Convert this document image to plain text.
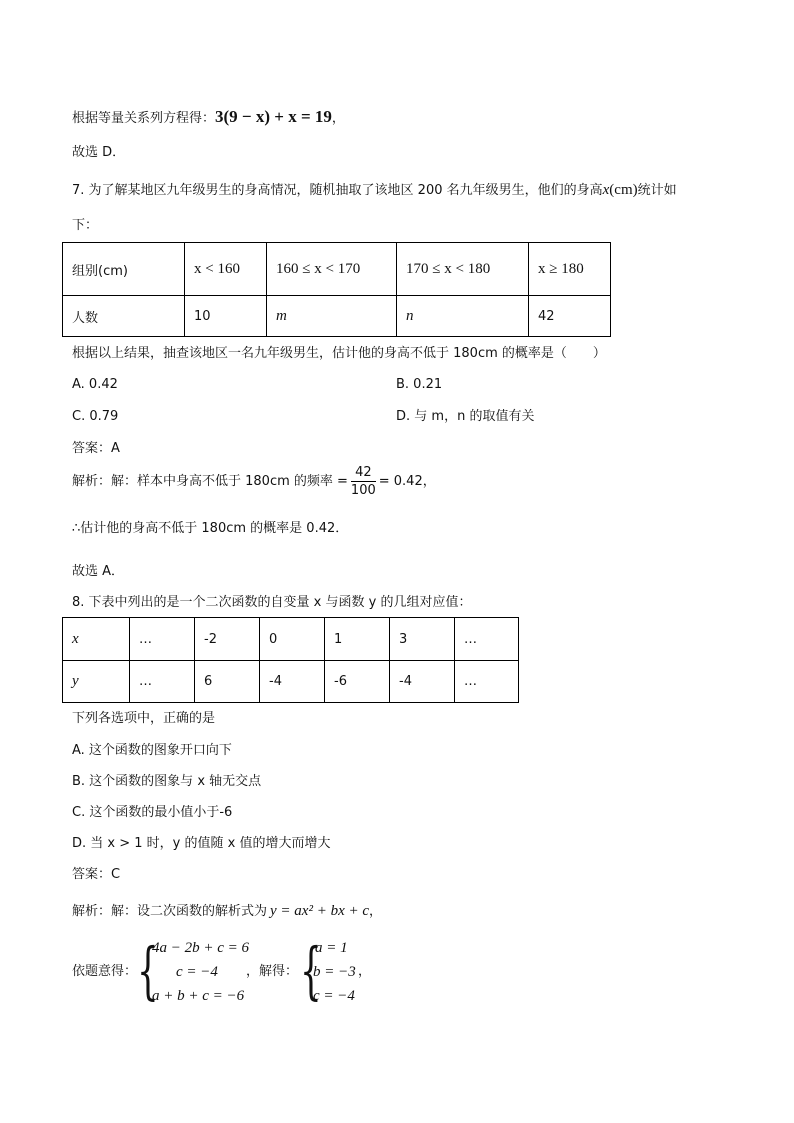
根据等量关系列方程得：3(9 − x) + x = 19，
故选 D．
7. 为了解某地区九年级男生的身高情况，随机抽取了该地区 200 名九年级男生，他们的身高x(cm)统计如
下：
组别(cm)	x < 160	160 ≤ x < 170	170 ≤ x < 180	x ≥ 180
人数	10	m	n	42
根据以上结果，抽查该地区一名九年级男生，估计他的身高不低于 180cm 的概率是（　　）
A. 0.42	B. 0.21
C. 0.79	D. 与 m，n 的取值有关
答案：A
解析：解：样本中身高不低于 180cm 的频率 = $\frac{42}{100} = 0.42$，
∴估计他的身高不低于 180cm 的概率是 0.42．
故选 A．
8. 下表中列出的是一个二次函数的自变量 x 与函数 y 的几组对应值：
x	…	-2	0	1	3	…
y	…	6	-4	-6	-4	…
下列各选项中，正确的是
A. 这个函数的图象开口向下
B. 这个函数的图象与 x 轴无交点
C. 这个函数的最小值小于-6
D. 当 x > 1 时，y 的值随 x 值的增大而增大
答案：C
解析：解：设二次函数的解析式为 y = ax² + bx + c，
依题意得： {
4a − 2b + c = 6
c = −4
a + b + c = −6
，解得： {
a = 1
b = −3
c = −4
，
